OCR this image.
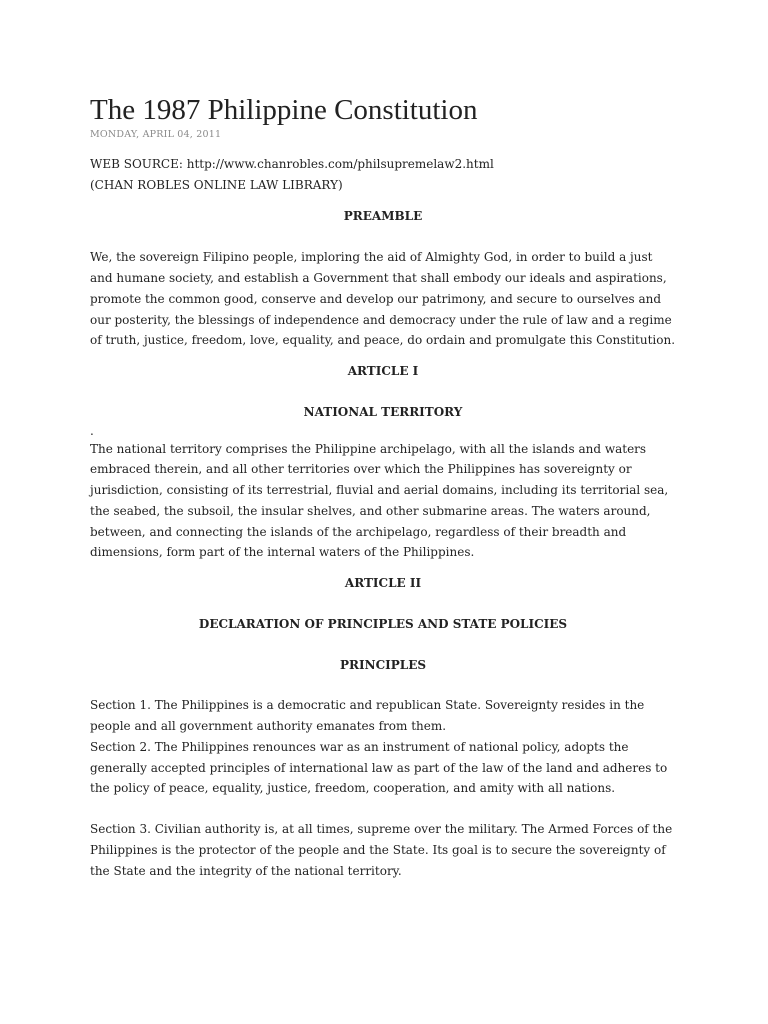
The 1987 Philippine Constitution
MONDAY, APRIL 04, 2011

WEB SOURCE: http://www.chanrobles.com/philsupremelaw2.html

(CHAN ROBLES ONLINE LAW LIBRARY)

PREAMBLE

We, the sovereign Filipino people, imploring the aid of Almighty God, in order to build a just and humane society, and establish a Government that shall embody our ideals and aspirations, promote the common good, conserve and develop our patrimony, and secure to ourselves and our posterity, the blessings of independence and democracy under the rule of law and a regime of truth, justice, freedom, love, equality, and peace, do ordain and promulgate this Constitution.

ARTICLE I

NATIONAL TERRITORY

.

The national territory comprises the Philippine archipelago, with all the islands and waters embraced therein, and all other territories over which the Philippines has sovereignty or jurisdiction, consisting of its terrestrial, fluvial and aerial domains, including its territorial sea, the seabed, the subsoil, the insular shelves, and other submarine areas. The waters around, between, and connecting the islands of the archipelago, regardless of their breadth and dimensions, form part of the internal waters of the Philippines.

ARTICLE II

DECLARATION OF PRINCIPLES AND STATE POLICIES

PRINCIPLES

Section 1. The Philippines is a democratic and republican State. Sovereignty resides in the people and all government authority emanates from them.

Section 2. The Philippines renounces war as an instrument of national policy, adopts the generally accepted principles of international law as part of the law of the land and adheres to the policy of peace, equality, justice, freedom, cooperation, and amity with all nations.

Section 3. Civilian authority is, at all times, supreme over the military. The Armed Forces of the Philippines is the protector of the people and the State. Its goal is to secure the sovereignty of the State and the integrity of the national territory.
